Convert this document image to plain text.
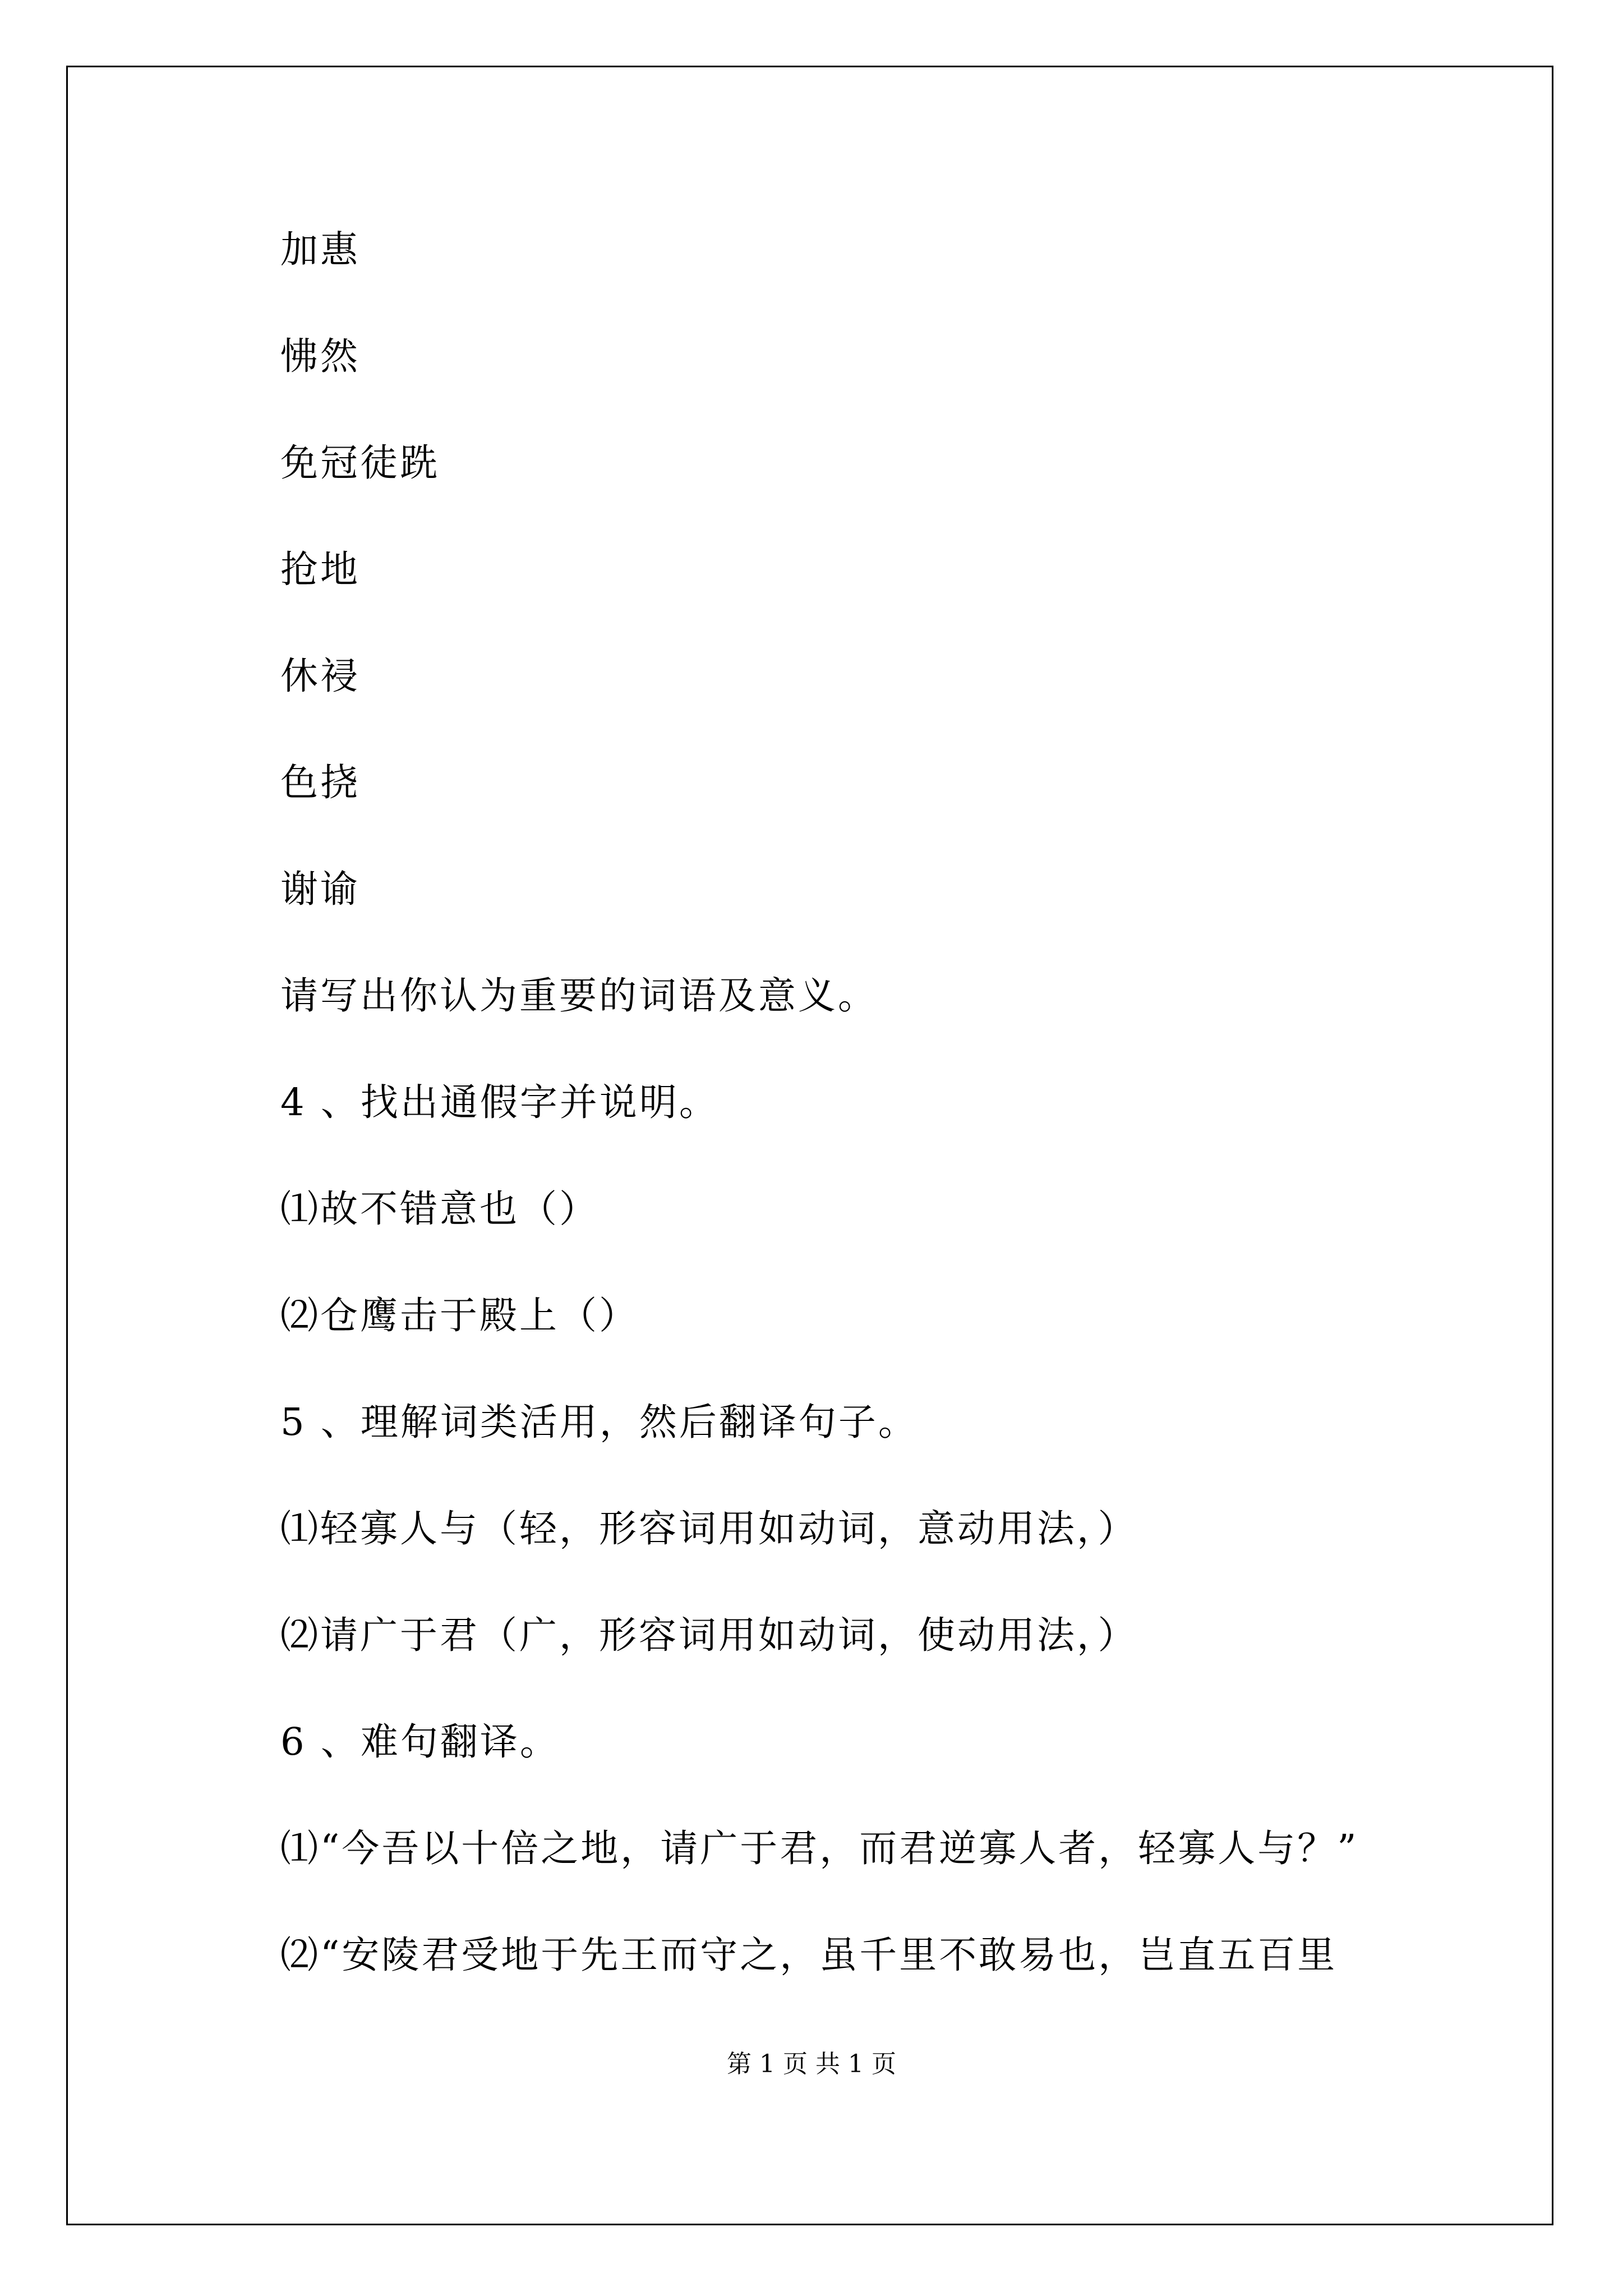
加惠
怫然
免冠徒跣
抢地
休祲
色挠
谢谕
请写出你认为重要的词语及意义。
4 、找出通假字并说明。
⑴故不错意也（）
⑵仓鹰击于殿上（）
5 、理解词类活用，然后翻译句子。
⑴轻寡人与（轻，形容词用如动词，意动用法，）
⑵请广于君（广，形容词用如动词，使动用法，）
6 、难句翻译。
⑴“今吾以十倍之地，请广于君，而君逆寡人者，轻寡人与？”
⑵“安陵君受地于先王而守之，虽千里不敢易也，岂直五百里
第 1 页 共 1 页
